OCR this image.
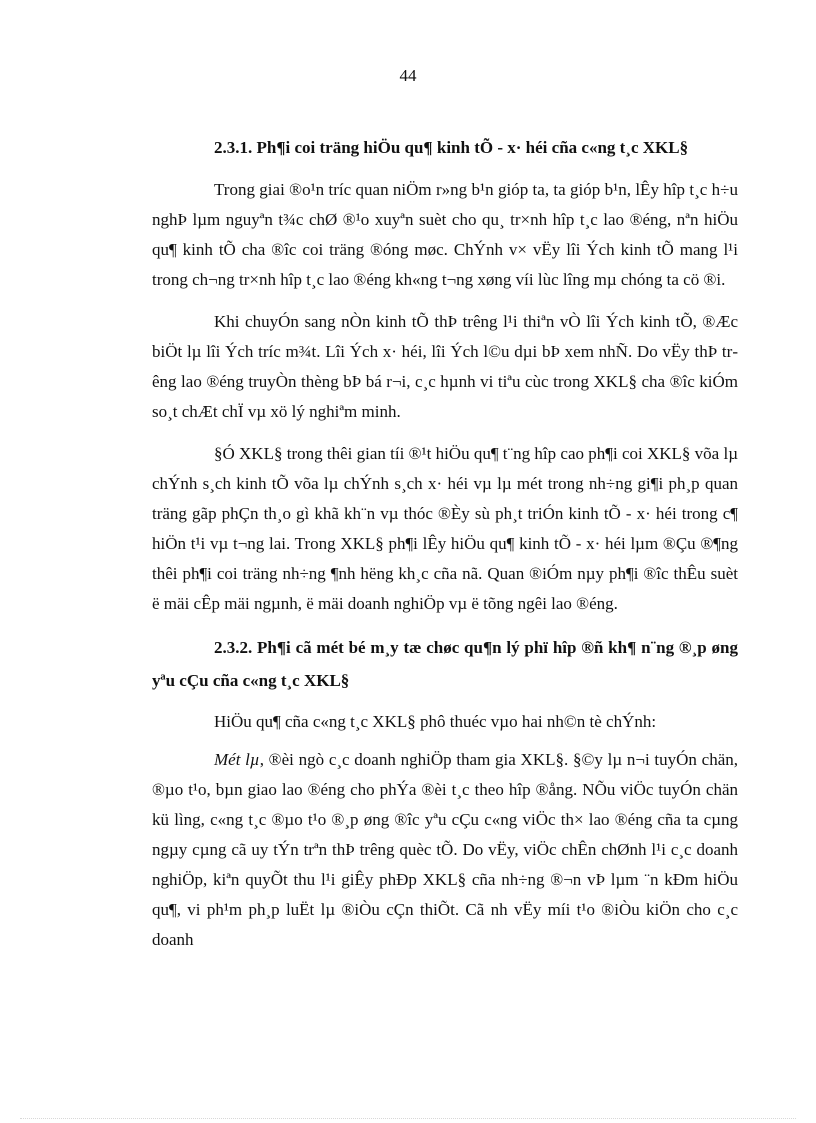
44

2.3.1. Ph¶i coi träng hiÖu qu¶ kinh tÕ - x· héi cña c«ng t¸c XKL§

Trong giai ®o¹n tríc quan niÖm r»ng b¹n gióp ta, ta gióp b¹n, lÊy hîp t¸c h÷u nghÞ lµm nguyªn t¾c chØ ®¹o xuyªn suèt cho qu¸ tr×nh hîp t¸c lao ®éng, nªn hiÖu qu¶ kinh tÕ cha ®îc coi träng ®óng møc. ChÝnh v× vËy lîi Ých kinh tÕ mang l¹i trong ch¬ng tr×nh hîp t¸c lao ®éng kh«ng t¬ng xøng víi lùc lîng mµ chóng ta cö ®i.

Khi chuyÓn sang nÒn kinh tÕ thÞ trêng l¹i thiªn vÒ lîi Ých kinh tÕ, ®Æc biÖt lµ lîi Ých tríc m¾t. Lîi Ých x· héi, lîi Ých l©u dµi bÞ xem nhÑ. Do vËy thÞ trêng lao ®éng truyÒn thèng bÞ bá r¬i, c¸c hµnh vi tiªu cùc trong XKL§ cha ®îc kiÓm so¸t chÆt chÏ vµ xö lý nghiªm minh.

§Ó XKL§ trong thêi gian tíi ®¹t hiÖu qu¶ t¨ng hîp cao ph¶i coi XKL§ võa lµ chÝnh s¸ch kinh tÕ võa lµ chÝnh s¸ch x· héi vµ lµ mét trong nh÷ng gi¶i ph¸p quan träng gãp phÇn th¸o gì khã kh¨n vµ thóc ®Èy sù ph¸t triÓn kinh tÕ - x· héi trong c¶ hiÖn t¹i vµ t¬ng lai. Trong XKL§ ph¶i lÊy hiÖu qu¶ kinh tÕ - x· héi lµm ®Çu ®¶ng thêi ph¶i coi träng nh÷ng ¶nh hëng kh¸c cña nã. Quan ®iÓm nµy ph¶i ®îc thÊu suèt ë mäi cÊp mäi ngµnh, ë mäi doanh nghiÖp vµ ë tõng ngêi lao ®éng.

2.3.2. Ph¶i cã mét bé m¸y tæ chøc qu¶n lý phï hîp ®ñ kh¶ n¨ng ®¸p øng yªu cÇu cña c«ng t¸c XKL§

HiÖu qu¶ cña c«ng t¸c XKL§ phô thuéc vµo hai nh©n tè chÝnh:

Mét lµ, ®èi ngò c¸c doanh nghiÖp tham gia XKL§. §©y lµ n¬i tuyÓn chän, ®µo t¹o, bµn giao lao ®éng cho phÝa ®èi t¸c theo hîp ®ång. NÕu viÖc tuyÓn chän kü lìng, c«ng t¸c ®µo t¹o ®¸p øng ®îc yªu cÇu c«ng viÖc th× lao ®éng cña ta cµng ngµy cµng cã uy tÝn trªn thÞ trêng quèc tÕ. Do vËy, viÖc chÊn chØnh l¹i c¸c doanh nghiÖp, kiªn quyÕt thu l¹i giÊy phÐp XKL§ cña nh÷ng ®¬n vÞ lµm ¨n kÐm hiÖu qu¶, vi ph¹m ph¸p luËt lµ ®iÒu cÇn thiÕt. Cã nh vËy míi t¹o ®iÒu kiÖn cho c¸c doanh
